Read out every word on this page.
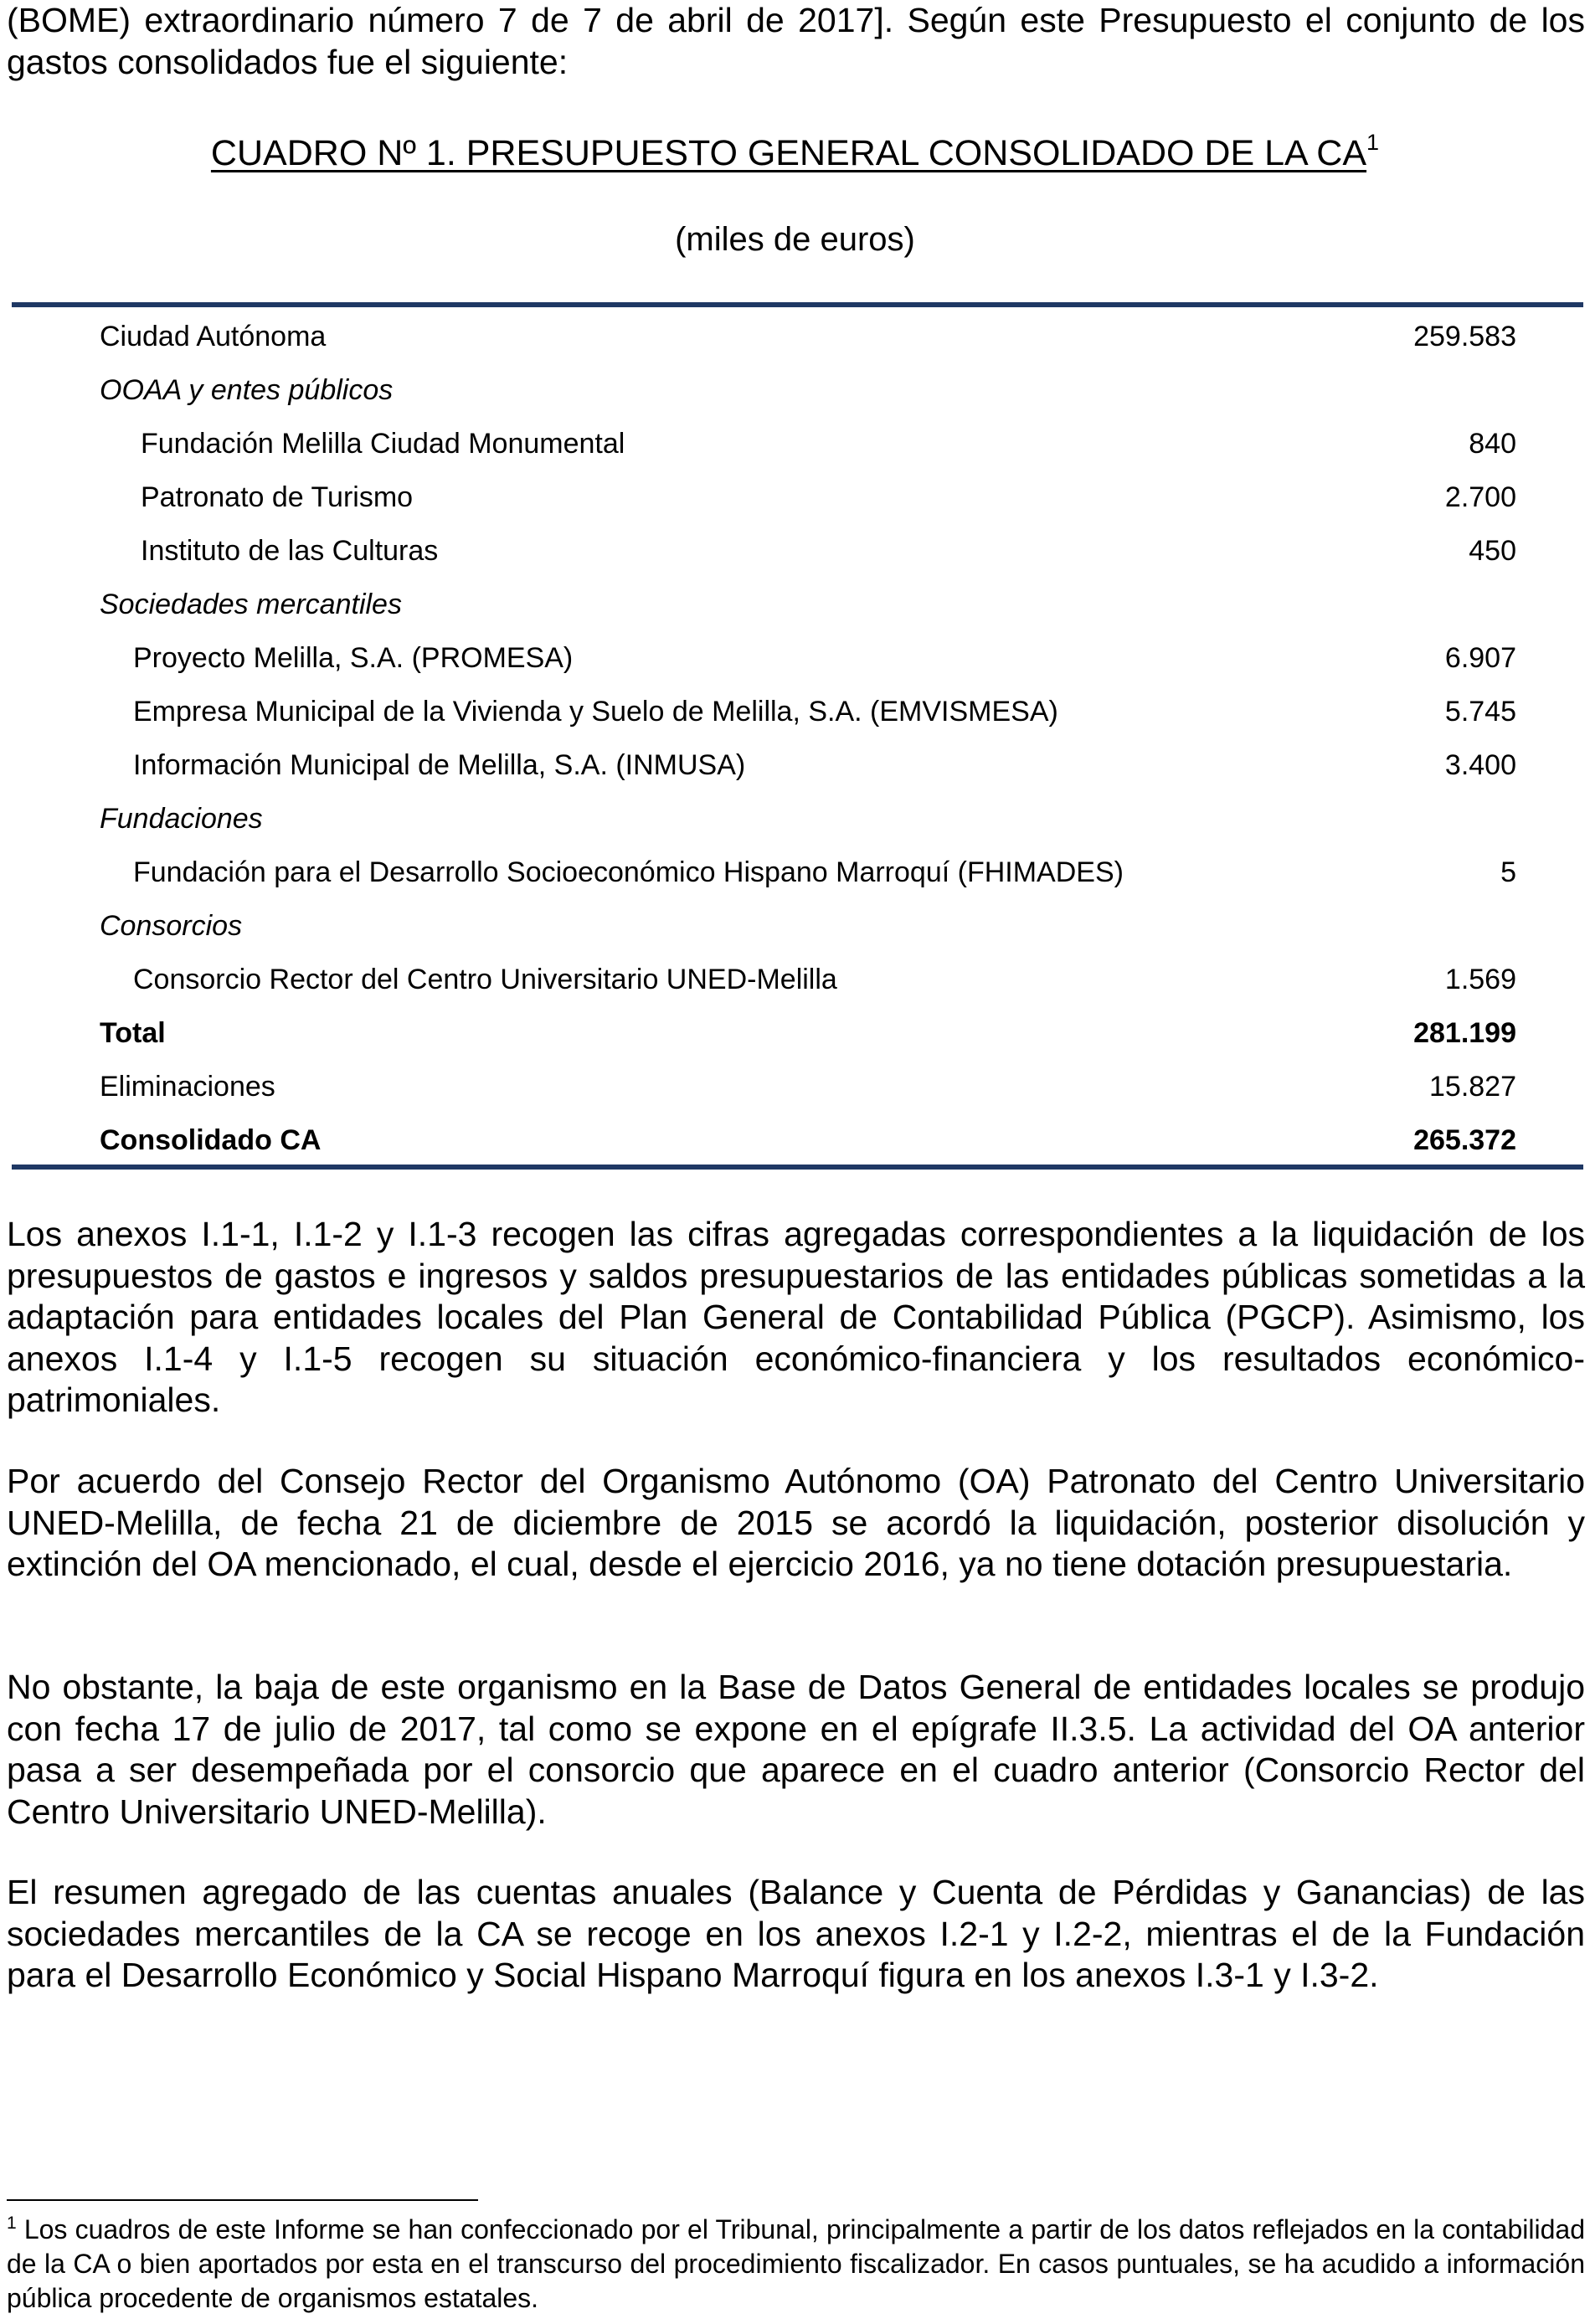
(BOME) extraordinario número 7 de 7 de abril de 2017]. Según este Presupuesto el conjunto de los gastos consolidados fue el siguiente:

CUADRO Nº 1. PRESUPUESTO GENERAL CONSOLIDADO DE LA $CA^1$
(miles de euros)
Ciudad Autónoma	259.583
OOAA y entes públicos
Fundación Melilla Ciudad Monumental	840
Patronato de Turismo	2.700
Instituto de las Culturas	450
Sociedades mercantiles
Proyecto Melilla, S.A. (PROMESA)	6.907
Empresa Municipal de la Vivienda y Suelo de Melilla, S.A. (EMVISMESA)	5.745
Información Municipal de Melilla, S.A. (INMUSA)	3.400
Fundaciones
Fundación para el Desarrollo Socioeconómico Hispano Marroquí (FHIMADES)	5
Consorcios
Consorcio Rector del Centro Universitario UNED-Melilla	1.569
Total	281.199
Eliminaciones	15.827
Consolidado CA	265.372

Los anexos I.1-1, I.1-2 y I.1-3 recogen las cifras agregadas correspondientes a la liquidación de los presupuestos de gastos e ingresos y saldos presupuestarios de las entidades públicas sometidas a la adaptación para entidades locales del Plan General de Contabilidad Pública (PGCP). Asimismo, los anexos I.1-4 y I.1-5 recogen su situación económico-financiera y los resultados económico-patrimoniales.

Por acuerdo del Consejo Rector del Organismo Autónomo (OA) Patronato del Centro Universitario UNED-Melilla, de fecha 21 de diciembre de 2015 se acordó la liquidación, posterior disolución y extinción del OA mencionado, el cual, desde el ejercicio 2016, ya no tiene dotación presupuestaria.

No obstante, la baja de este organismo en la Base de Datos General de entidades locales se produjo con fecha 17 de julio de 2017, tal como se expone en el epígrafe II.3.5. La actividad del OA anterior pasa a ser desempeñada por el consorcio que aparece en el cuadro anterior (Consorcio Rector del Centro Universitario UNED-Melilla).

El resumen agregado de las cuentas anuales (Balance y Cuenta de Pérdidas y Ganancias) de las sociedades mercantiles de la CA se recoge en los anexos I.2-1 y I.2-2, mientras el de la Fundación para el Desarrollo Económico y Social Hispano Marroquí figura en los anexos I.3-1 y I.3-2.

$^1$ Los cuadros de este Informe se han confeccionado por el Tribunal, principalmente a partir de los datos reflejados en la contabilidad de la CA o bien aportados por esta en el transcurso del procedimiento fiscalizador. En casos puntuales, se ha acudido a información pública procedente de organismos estatales.
